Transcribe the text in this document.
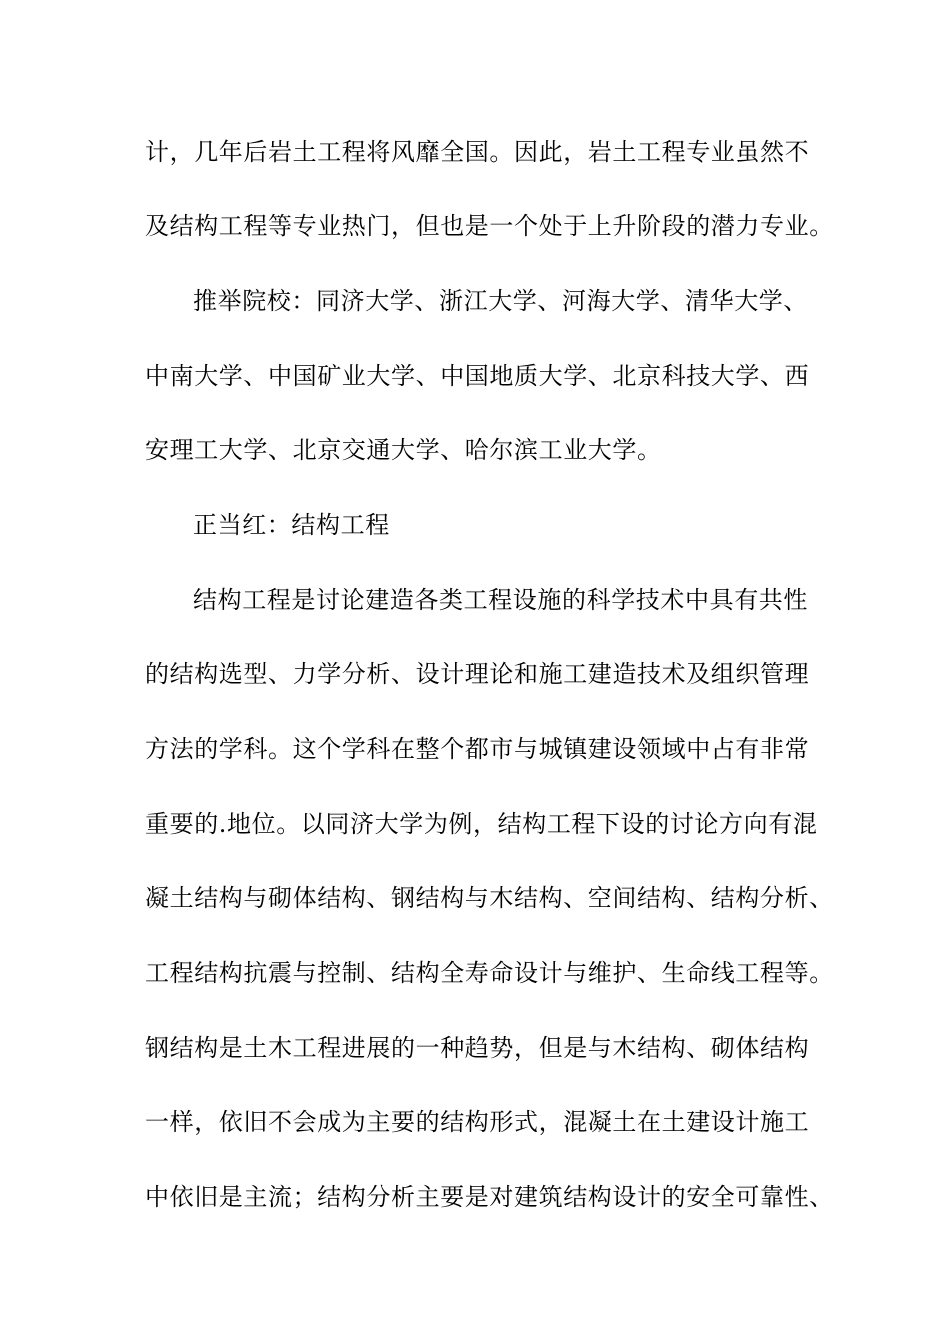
计，几年后岩土工程将风靡全国。因此，岩土工程专业虽然不
及结构工程等专业热门，但也是一个处于上升阶段的潜力专业。
推举院校：同济大学、浙江大学、河海大学、清华大学、
中南大学、中国矿业大学、中国地质大学、北京科技大学、西
安理工大学、北京交通大学、哈尔滨工业大学。
正当红：结构工程
结构工程是讨论建造各类工程设施的科学技术中具有共性
的结构选型、力学分析、设计理论和施工建造技术及组织管理
方法的学科。这个学科在整个都市与城镇建设领域中占有非常
重要的.地位。以同济大学为例，结构工程下设的讨论方向有混
凝土结构与砌体结构、钢结构与木结构、空间结构、结构分析、
工程结构抗震与控制、结构全寿命设计与维护、生命线工程等。
钢结构是土木工程进展的一种趋势，但是与木结构、砌体结构
一样，依旧不会成为主要的结构形式，混凝土在土建设计施工
中依旧是主流；结构分析主要是对建筑结构设计的安全可靠性、
